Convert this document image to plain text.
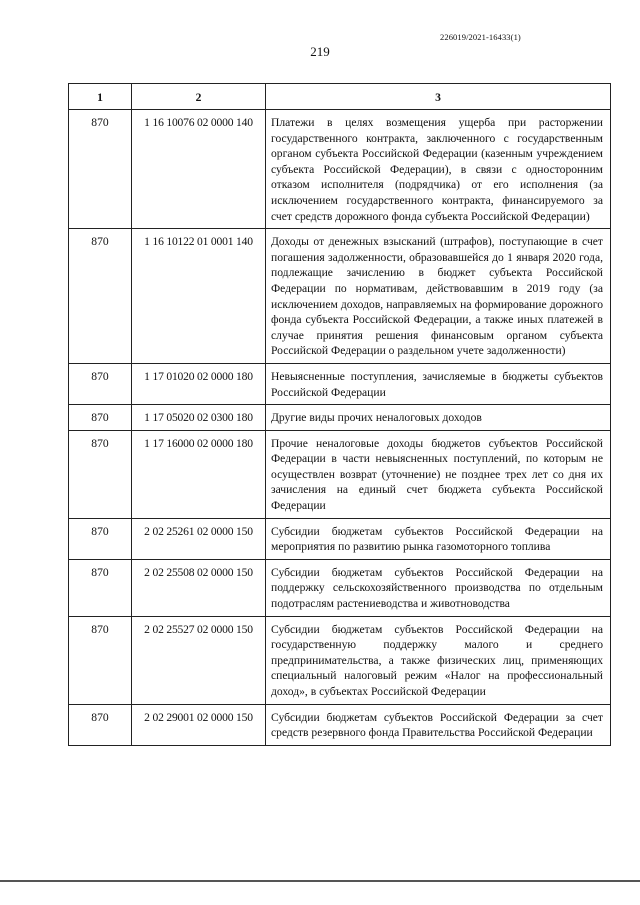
226019/2021-16433(1)
219
1	2	3
870	1 16 10076 02 0000 140	Платежи в целях возмещения ущерба при расторжении государственного контракта, заключенного с государственным органом субъекта Российской Федерации (казенным учреждением субъекта Российской Федерации), в связи с односторонним отказом исполнителя (подрядчика) от его исполнения (за исключением государственного контракта, финансируемого за счет средств дорожного фонда субъекта Российской Федерации)
870	1 16 10122 01 0001 140	Доходы от денежных взысканий (штрафов), поступающие в счет погашения задолженности, образовавшейся до 1 января 2020 года, подлежащие зачислению в бюджет субъекта Российской Федерации по нормативам, действовавшим в 2019 году (за исключением доходов, направляемых на формирование дорожного фонда субъекта Российской Федерации, а также иных платежей в случае принятия решения финансовым органом субъекта Российской Федерации о раздельном учете задолженности)
870	1 17 01020 02 0000 180	Невыясненные поступления, зачисляемые в бюджеты субъектов Российской Федерации
870	1 17 05020 02 0300 180	Другие виды прочих неналоговых доходов
870	1 17 16000 02 0000 180	Прочие неналоговые доходы бюджетов субъектов Российской Федерации в части невыясненных поступлений, по которым не осуществлен возврат (уточнение) не позднее трех лет со дня их зачисления на единый счет бюджета субъекта Российской Федерации
870	2 02 25261 02 0000 150	Субсидии бюджетам субъектов Российской Федерации на мероприятия по развитию рынка газомоторного топлива
870	2 02 25508 02 0000 150	Субсидии бюджетам субъектов Российской Федерации на поддержку сельскохозяйственного производства по отдельным подотраслям растениеводства и животноводства
870	2 02 25527 02 0000 150	Субсидии бюджетам субъектов Российской Федерации на государственную поддержку малого и среднего предпринимательства, а также физических лиц, применяющих специальный налоговый режим «Налог на профессиональный доход», в субъектах Российской Федерации
870	2 02 29001 02 0000 150	Субсидии бюджетам субъектов Российской Федерации за счет средств резервного фонда Правительства Российской Федерации
